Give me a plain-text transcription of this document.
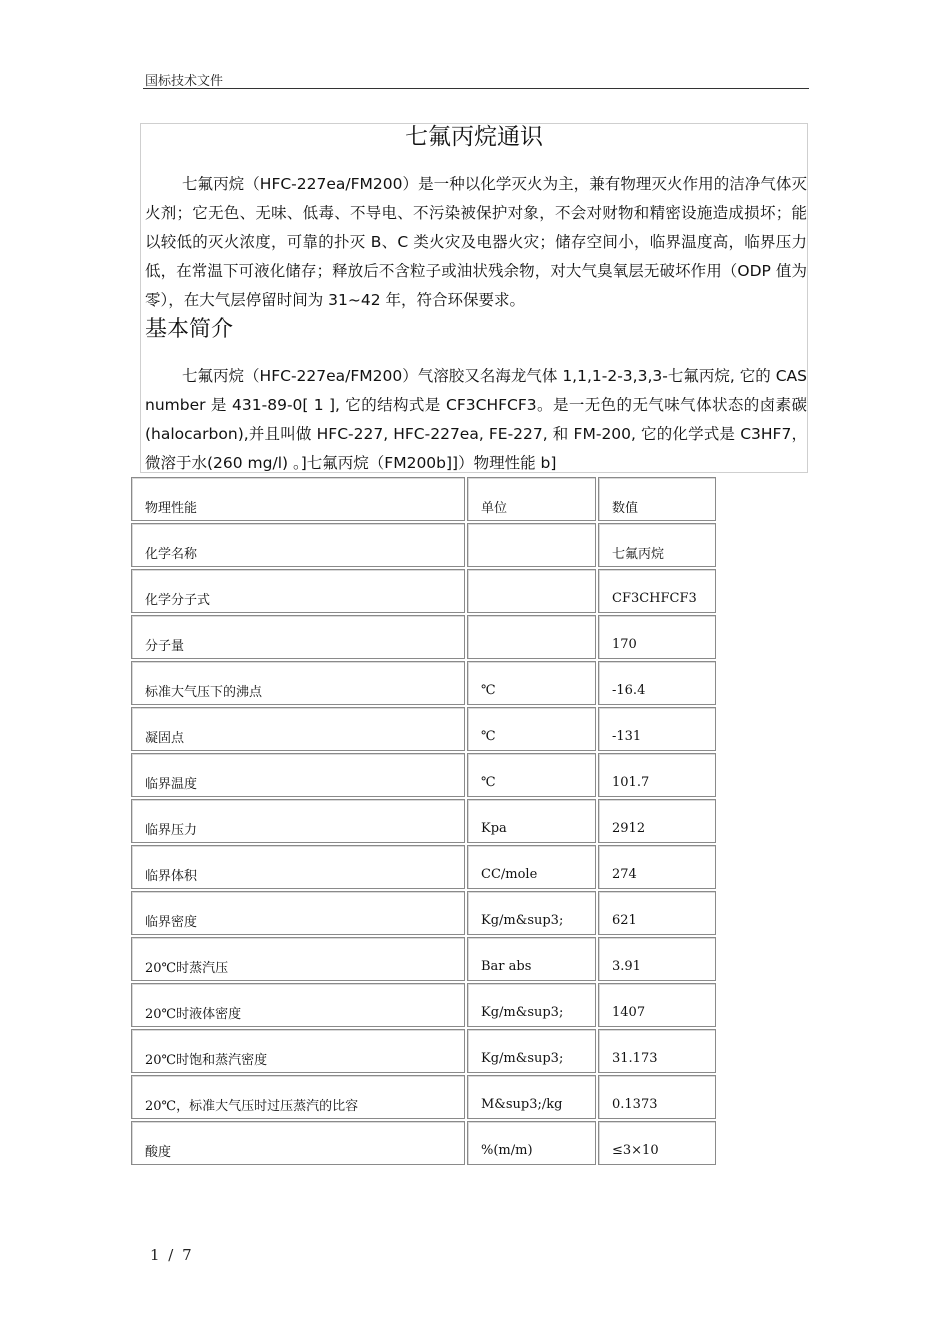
国标技术文件
七氟丙烷通识

七氟丙烷（HFC-227ea/FM200）是一种以化学灭火为主，兼有物理灭火作用的洁净气体灭火剂；它无色、无味、低毒、不导电、不污染被保护对象，不会对财物和精密设施造成损坏；能以较低的灭火浓度，可靠的扑灭 B、C 类火灾及电器火灾；储存空间小，临界温度高，临界压力低，在常温下可液化储存；释放后不含粒子或油状残余物，对大气臭氧层无破坏作用（ODP 值为零），在大气层停留时间为 31~42 年，符合环保要求。

基本简介

七氟丙烷（HFC-227ea/FM200）气溶胶又名海龙气体 1,1,1-2-3,3,3-七氟丙烷, 它的 CAS number 是 431-89-0[ 1 ], 它的结构式是 CF3CHFCF3。是一无色的无气味气体状态的卤素碳(halocarbon),并且叫做 HFC-227, HFC-227ea, FE-227, 和 FM-200, 它的化学式是 C3HF7，微溶于水(260 mg/l) 。]七氟丙烷（FM200b]]）物理性能 b]

物理性能	单位	数值
化学名称		七氟丙烷
化学分子式		CF3CHFCF3
分子量		170
标准大气压下的沸点	℃	-16.4
凝固点	℃	-131
临界温度	℃	101.7
临界压力	Kpa	2912
临界体积	CC/mole	274
临界密度	Kg/m&sup3;	621
20℃时蒸汽压	Bar abs	3.91
20℃时液体密度	Kg/m&sup3;	1407
20℃时饱和蒸汽密度	Kg/m&sup3;	31.173
20℃，标准大气压时过压蒸汽的比容	M&sup3;/kg	0.1373
酸度	%(m/m)	≤3×10
1 / 7
